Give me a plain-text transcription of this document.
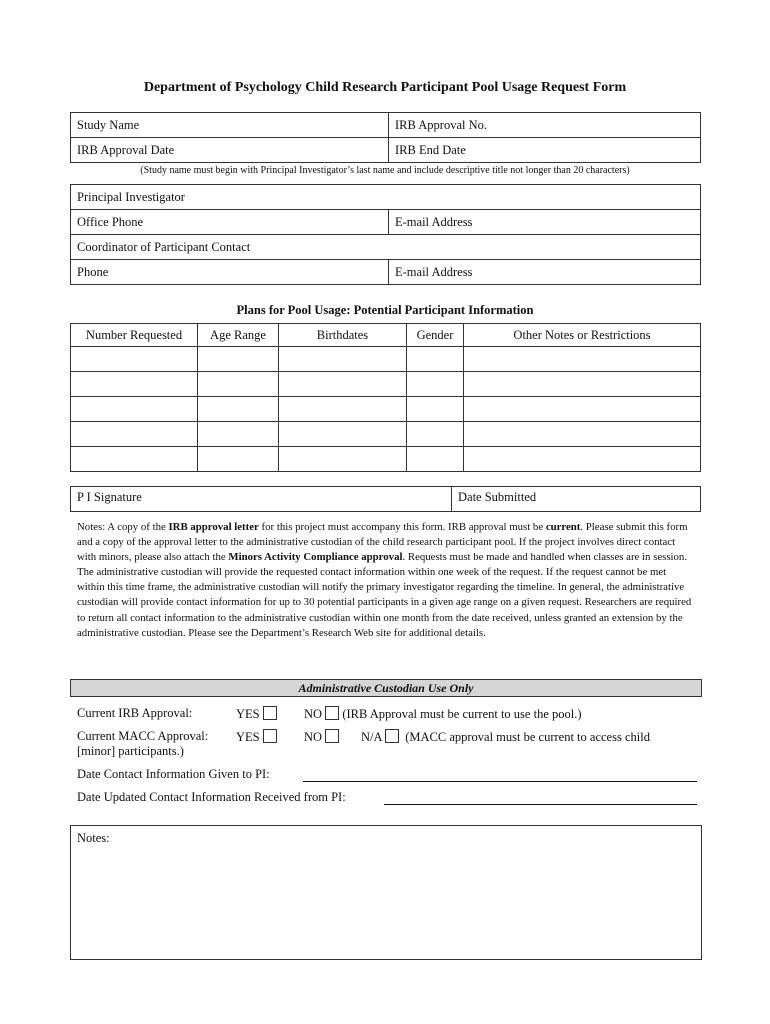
Department of Psychology Child Research Participant Pool Usage Request Form
Study Name	IRB Approval No.
IRB Approval Date	IRB End Date
(Study name must begin with Principal Investigator’s last name and include descriptive title not longer than 20 characters)
Principal Investigator	
Office Phone	E-mail Address
Coordinator of Participant Contact	
Phone	E-mail Address
Plans for Pool Usage: Potential Participant Information
Number Requested	Age Range	Birthdates	Gender	Other Notes or Restrictions

P I Signature	Date Submitted
Notes: A copy of the IRB approval letter for this project must accompany this form. IRB approval must be current. Please submit this form and a copy of the approval letter to the administrative custodian of the child research participant pool. If the project involves direct contact with minors, please also attach the Minors Activity Compliance approval. Requests must be made and handled when classes are in session. The administrative custodian will provide the requested contact information within one week of the request. If the request cannot be met within this time frame, the administrative custodian will notify the primary investigator regarding the timeline. In general, the administrative custodian will provide contact information for up to 30 potential participants in a given age range on a given request. Researchers are required to return all contact information to the administrative custodian within one month from the date received, unless granted an extension by the administrative custodian. Please see the Department’s Research Web site for additional details.
Administrative Custodian Use Only
Current IRB Approval:	YES	NO (IRB Approval must be current to use the pool.)
Current MACC Approval: YES	NO	N/A (MACC approval must be current to access child
[minor] participants.)
Date Contact Information Given to PI:
Date Updated Contact Information Received from PI:
Notes:
